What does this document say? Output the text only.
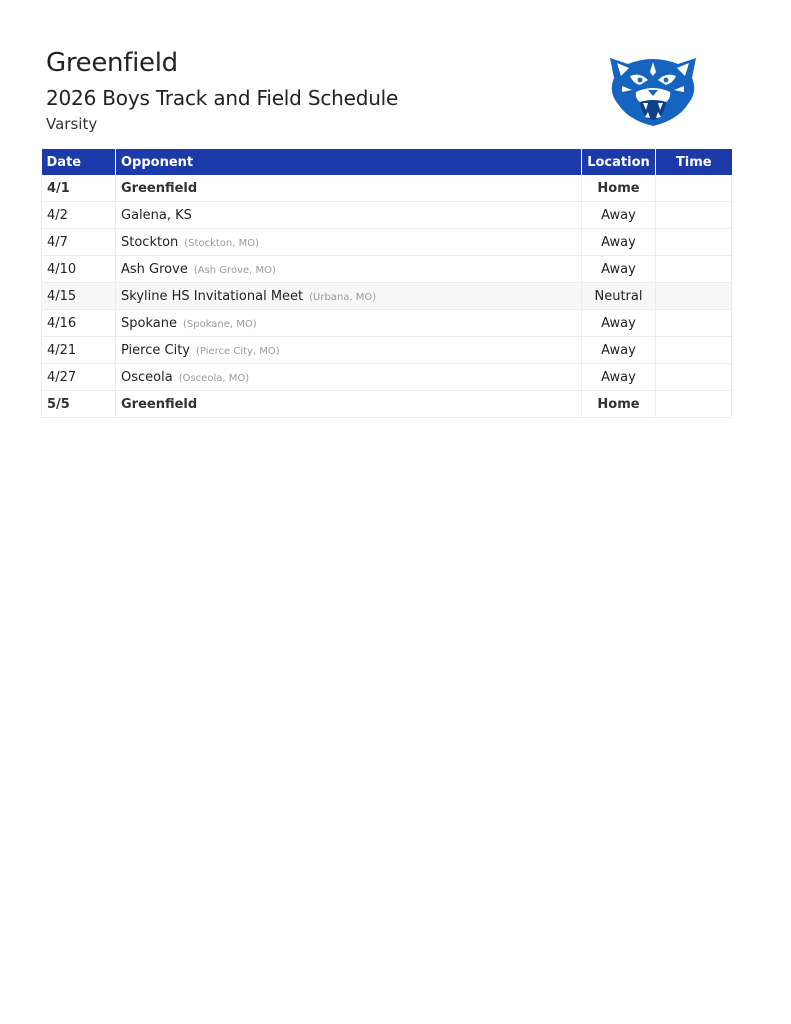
Greenfield
2026 Boys Track and Field Schedule
Varsity
Date	Opponent	Location	Time
4/1	Greenfield	Home	
4/2	Galena, KS	Away	
4/7	Stockton (Stockton, MO)	Away	
4/10	Ash Grove (Ash Grove, MO)	Away	
4/15	Skyline HS Invitational Meet (Urbana, MO)	Neutral	
4/16	Spokane (Spokane, MO)	Away	
4/21	Pierce City (Pierce City, MO)	Away	
4/27	Osceola (Osceola, MO)	Away	
5/5	Greenfield	Home	
